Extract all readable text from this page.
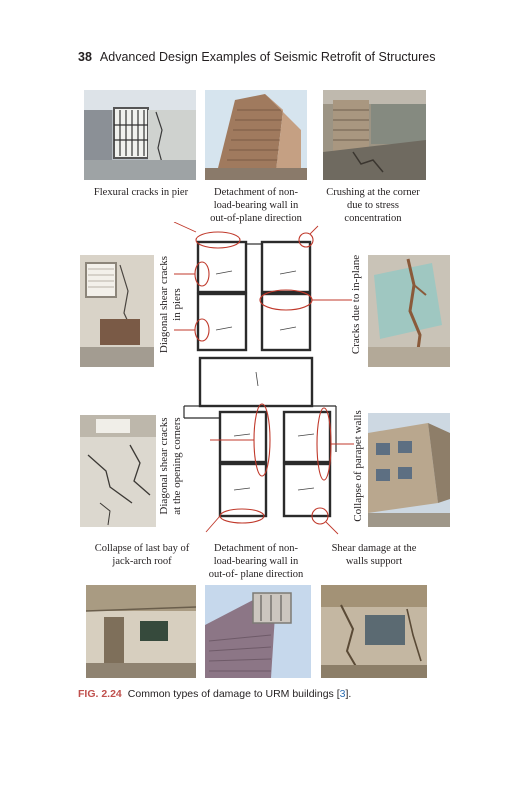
38 Advanced Design Examples of Seismic Retrofit of Structures
Flexural cracks in pier	Detachment of non-
load-bearing wall in
out-of-plane direction
Crushing at the corner
due to stress
concentration
Diagonal shear cracks in piers	Cracks due to in-plane
Diagonal shear cracks at the opening corners	Collapse of parapet walls
Collapse of last bay of
jack-arch roof
Detachment of non-
load-bearing wall in
out-of- plane direction
Shear damage at the
walls support
FIG. 2.24 Common types of damage to URM buildings [3].
